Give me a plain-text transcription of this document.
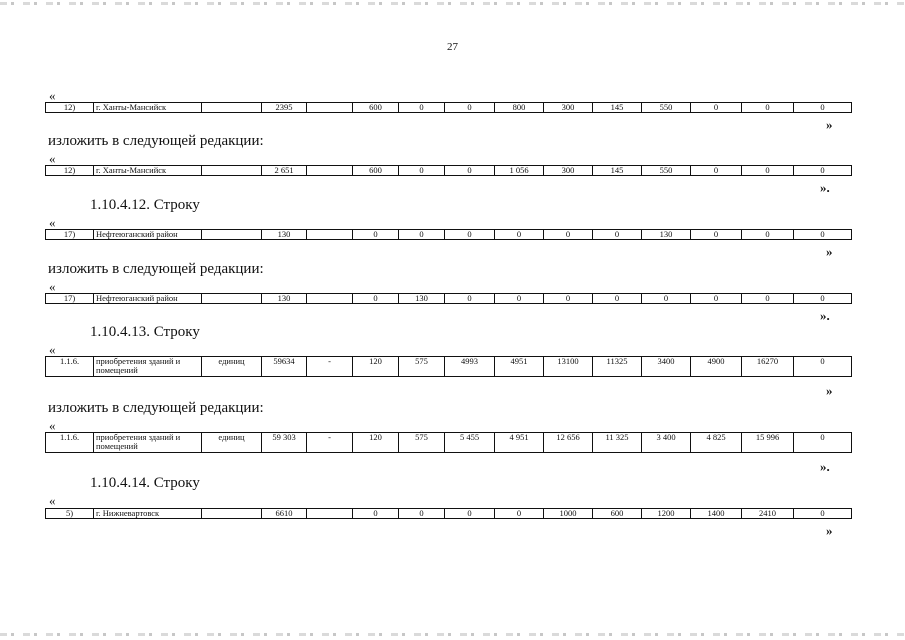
27
«
12)	г. Ханты-Мансийск		2395		600	0	0	800	300	145	550	0	0	0
»
изложить в следующей редакции:
«
12)	г. Ханты-Мансийск		2 651		600	0	0	1 056	300	145	550	0	0	0
».
1.10.4.12. Строку
«
17)	Нефтеюганский район		130		0	0	0	0	0	0	130	0	0	0
»
изложить в следующей редакции:
«
17)	Нефтеюганский район		130		0	130	0	0	0	0	0	0	0	0
».
1.10.4.13. Строку
«
1.1.6.	приобретения зданий и помещений	единиц	59634	-	120	575	4993	4951	13100	11325	3400	4900	16270	0
»
изложить в следующей редакции:
«
1.1.6.	приобретения зданий и помещений	единиц	59 303	-	120	575	5 455	4 951	12 656	11 325	3 400	4 825	15 996	0
».
1.10.4.14. Строку
«
5)	г. Нижневартовск		6610		0	0	0	0	1000	600	1200	1400	2410	0
»
